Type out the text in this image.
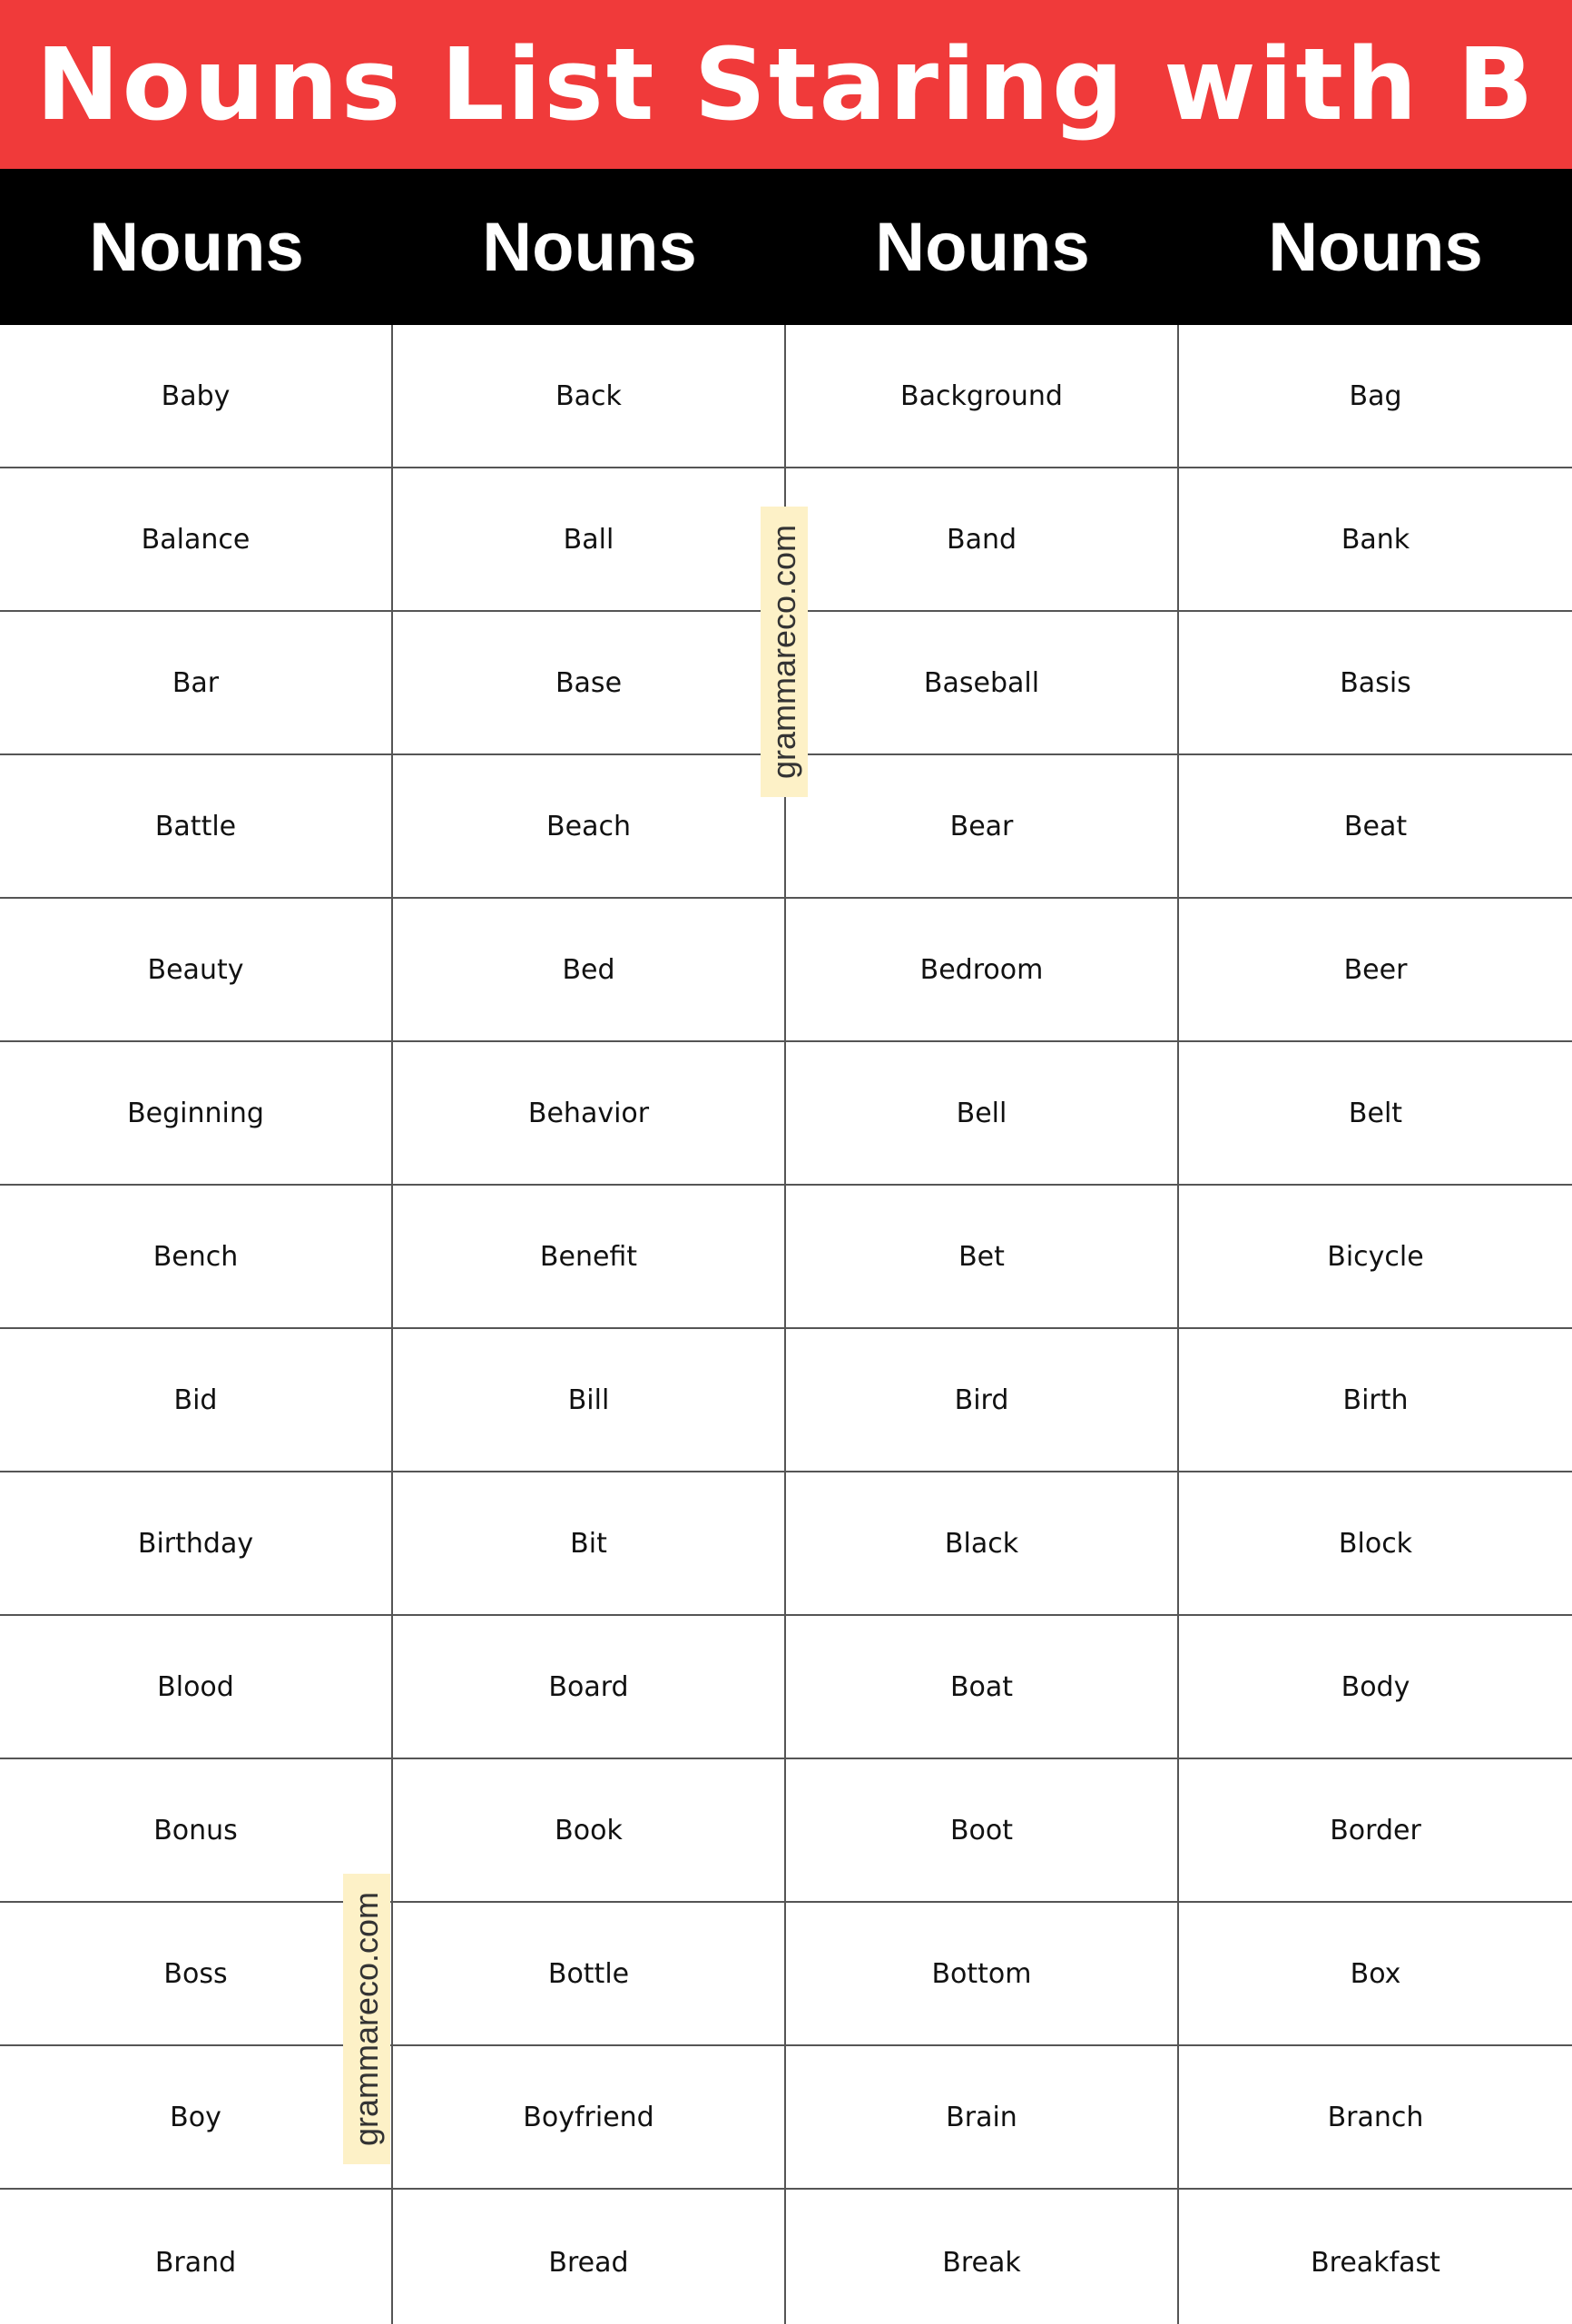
Nouns List Staring with B
Nouns	Nouns	Nouns	Nouns
Baby	Back	Background	Bag
Balance	Ball	Band	Bank
Bar	Base	Baseball	Basis
Battle	Beach	Bear	Beat
Beauty	Bed	Bedroom	Beer
Beginning	Behavior	Bell	Belt
Bench	Benefit	Bet	Bicycle
Bid	Bill	Bird	Birth
Birthday	Bit	Black	Block
Blood	Board	Boat	Body
Bonus	Book	Boot	Border
Boss	Bottle	Bottom	Box
Boy	Boyfriend	Brain	Branch
Brand	Bread	Break	Breakfast
grammareco.com
grammareco.com
